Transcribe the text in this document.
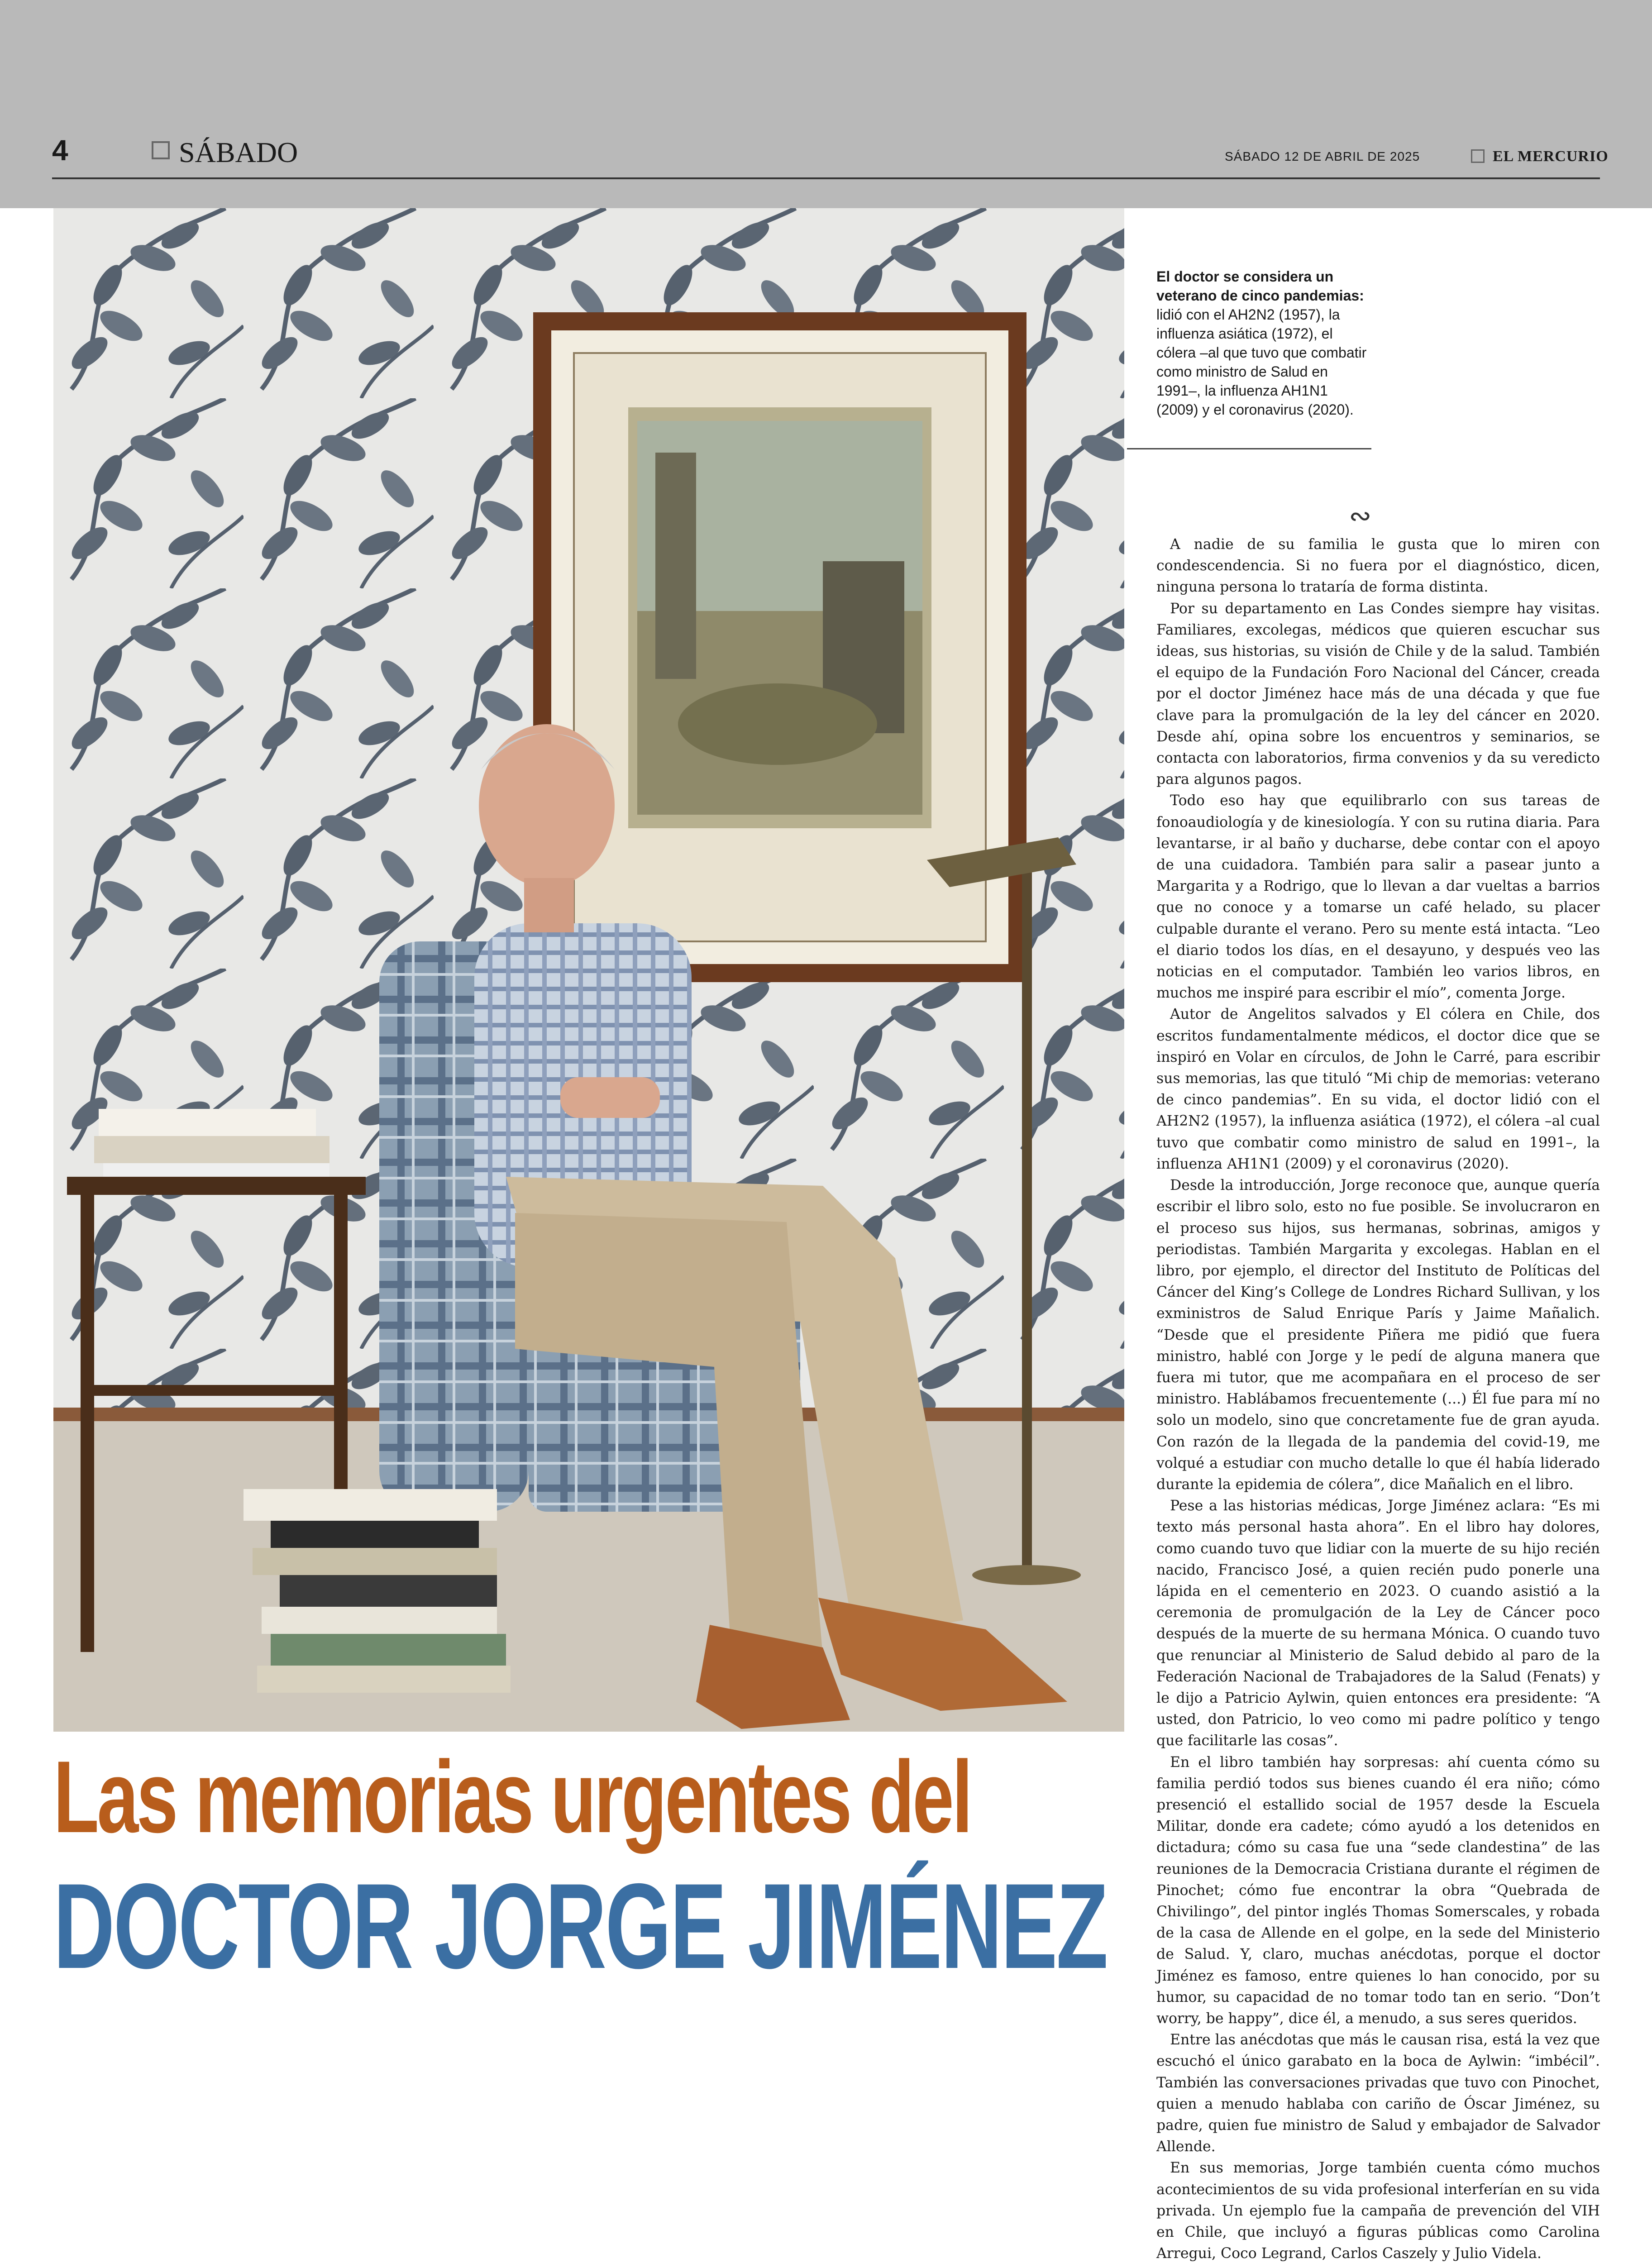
4	SÁBADO	SÁBADO 12 DE ABRIL DE 2025	EL MERCURIO
El doctor se considera un veterano de cinco pandemias: lidió con el AH2N2 (1957), la influenza asiática (1972), el cólera –al que tuvo que combatir como ministro de Salud en 1991–, la influenza AH1N1 (2009) y el coronavirus (2020).
∾
Las memorias urgentes del
DOCTOR JORGE JIMÉNEZ

A nadie de su familia le gusta que lo miren con condescendencia. Si no fuera por el diagnóstico, dicen, ninguna persona lo trataría de forma distinta.

Por su departamento en Las Condes siempre hay visitas. Familiares, excolegas, médicos que quieren escuchar sus ideas, sus historias, su visión de Chile y de la salud. También el equipo de la Fundación Foro Nacional del Cáncer, creada por el doctor Jiménez hace más de una década y que fue clave para la promulgación de la ley del cáncer en 2020. Desde ahí, opina sobre los encuentros y seminarios, se contacta con laboratorios, firma convenios y da su veredicto para algunos pagos.

Todo eso hay que equilibrarlo con sus tareas de fonoaudiología y de kinesiología. Y con su rutina diaria. Para levantarse, ir al baño y ducharse, debe contar con el apoyo de una cuidadora. También para salir a pasear junto a Margarita y a Rodrigo, que lo llevan a dar vueltas a barrios que no conoce y a tomarse un café helado, su placer culpable durante el verano. Pero su mente está intacta. “Leo el diario todos los días, en el desayuno, y después veo las noticias en el computador. También leo varios libros, en muchos me inspiré para escribir el mío”, comenta Jorge.

Autor de Angelitos salvados y El cólera en Chile, dos escritos fundamentalmente médicos, el doctor dice que se inspiró en Volar en círculos, de John le Carré, para escribir sus memorias, las que tituló “Mi chip de memorias: veterano de cinco pandemias”. En su vida, el doctor lidió con el AH2N2 (1957), la influenza asiática (1972), el cólera –al cual tuvo que combatir como ministro de salud en 1991–, la influenza AH1N1 (2009) y el coronavirus (2020).

Desde la introducción, Jorge reconoce que, aunque quería escribir el libro solo, esto no fue posible. Se involucraron en el proceso sus hijos, sus hermanas, sobrinas, amigos y periodistas. También Margarita y excolegas. Hablan en el libro, por ejemplo, el director del Instituto de Políticas del Cáncer del King’s College de Londres Richard Sullivan, y los exministros de Salud Enrique París y Jaime Mañalich. “Desde que el presidente Piñera me pidió que fuera ministro, hablé con Jorge y le pedí de alguna manera que fuera mi tutor, que me acompañara en el proceso de ser ministro. Hablábamos frecuentemente (...) Él fue para mí no solo un modelo, sino que concretamente fue de gran ayuda. Con razón de la llegada de la pandemia del covid-19, me volqué a estudiar con mucho detalle lo que él había liderado durante la epidemia de cólera”, dice Mañalich en el libro.

Pese a las historias médicas, Jorge Jiménez aclara: “Es mi texto más personal hasta ahora”. En el libro hay dolores, como cuando tuvo que lidiar con la muerte de su hijo recién nacido, Francisco José, a quien recién pudo ponerle una lápida en el cementerio en 2023. O cuando asistió a la ceremonia de promulgación de la Ley de Cáncer poco después de la muerte de su hermana Mónica. O cuando tuvo que renunciar al Ministerio de Salud debido al paro de la Federación Nacional de Trabajadores de la Salud (Fenats) y le dijo a Patricio Aylwin, quien entonces era presidente: “A usted, don Patricio, lo veo como mi padre político y tengo que facilitarle las cosas”.

En el libro también hay sorpresas: ahí cuenta cómo su familia perdió todos sus bienes cuando él era niño; cómo presenció el estallido social de 1957 desde la Escuela Militar, donde era cadete; cómo ayudó a los detenidos en dictadura; cómo su casa fue una “sede clandestina” de las reuniones de la Democracia Cristiana durante el régimen de Pinochet; cómo fue encontrar la obra “Quebrada de Chivilingo”, del pintor inglés Thomas Somerscales, y robada de la casa de Allende en el golpe, en la sede del Ministerio de Salud. Y, claro, muchas anécdotas, porque el doctor Jiménez es famoso, entre quienes lo han conocido, por su humor, su capacidad de no tomar todo tan en serio. “Don’t worry, be happy”, dice él, a menudo, a sus seres queridos.

Entre las anécdotas que más le causan risa, está la vez que escuchó el único garabato en la boca de Aylwin: “imbécil”. También las conversaciones privadas que tuvo con Pinochet, quien a menudo hablaba con cariño de Óscar Jiménez, su padre, quien fue ministro de Salud y embajador de Salvador Allende.

En sus memorias, Jorge también cuenta cómo muchos acontecimientos de su vida profesional interferían en su vida privada. Un ejemplo fue la campaña de prevención del VIH en Chile, que incluyó a figuras públicas como Carolina Arregui, Coco Legrand, Carlos Caszely y Julio Videla.
